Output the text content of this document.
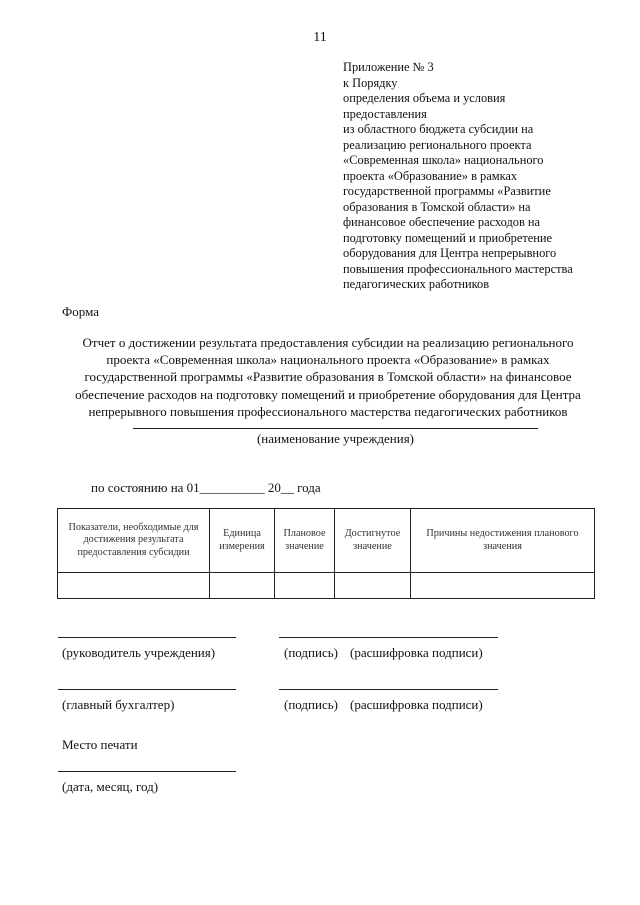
11
Приложение № 3
к Порядку
определения объема и условия
предоставления
из областного бюджета субсидии на
реализацию регионального проекта
«Современная школа» национального
проекта «Образование» в рамках
государственной программы «Развитие
образования в Томской области» на
финансовое обеспечение расходов на
подготовку помещений и приобретение
оборудования для Центра непрерывного
повышения профессионального мастерства
педагогических работников
Форма
Отчет о достижении результата предоставления субсидии на реализацию регионального
проекта «Современная школа» национального проекта «Образование» в рамках
государственной программы «Развитие образования в Томской области» на финансовое
обеспечение расходов на подготовку помещений и приобретение оборудования для Центра
непрерывного повышения профессионального мастерства педагогических работников
(наименование учреждения)
по состоянию на 01__________ 20__ года
Показатели, необходимые для достижения результата предоставления субсидии	Единица измерения	Плановое значение	Достигнутое значение	Причины недостижения планового значения

(руководитель учреждения)	(подпись) (расшифровка подписи)
(главный бухгалтер)	(подпись) (расшифровка подписи)
Место печати
(дата, месяц, год)
